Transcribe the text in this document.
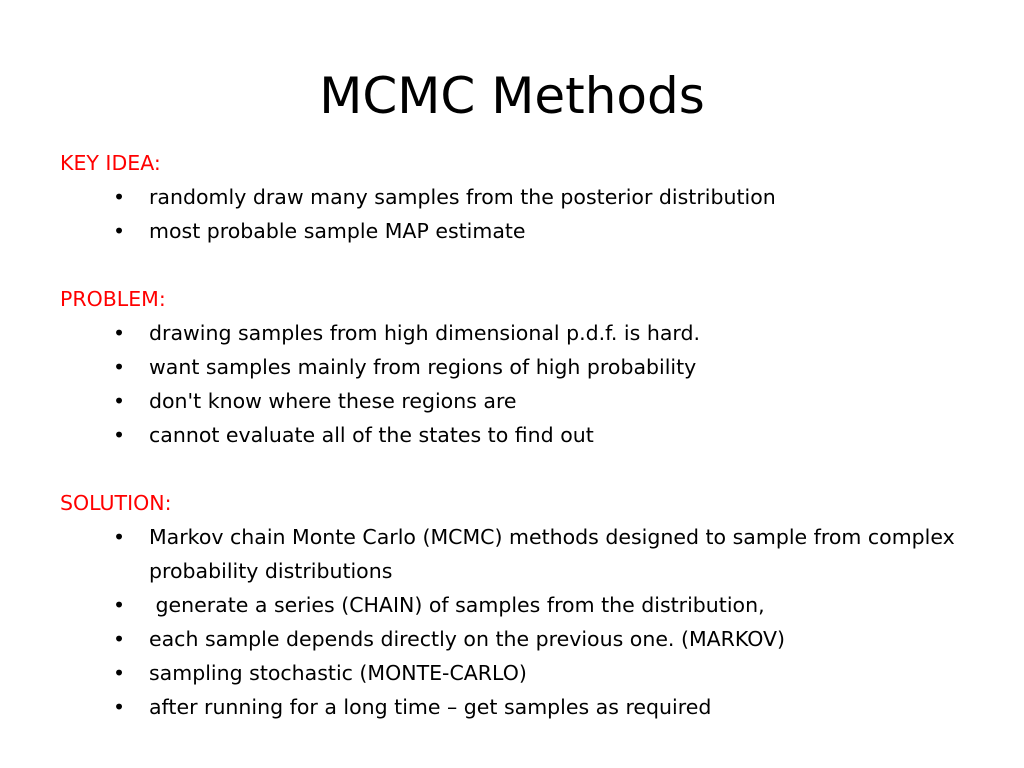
MCMC Methods

KEY IDEA:

• randomly draw many samples from the posterior distribution
• most probable sample MAP estimate

PROBLEM:

• drawing samples from high dimensional p.d.f. is hard.
• want samples mainly from regions of high probability
• don't know where these regions are
• cannot evaluate all of the states to find out

SOLUTION:

• Markov chain Monte Carlo (MCMC) methods designed to sample from complex probability distributions
• generate a series (CHAIN) of samples from the distribution,
• each sample depends directly on the previous one. (MARKOV)
• sampling stochastic (MONTE-CARLO)
• after running for a long time – get samples as required
